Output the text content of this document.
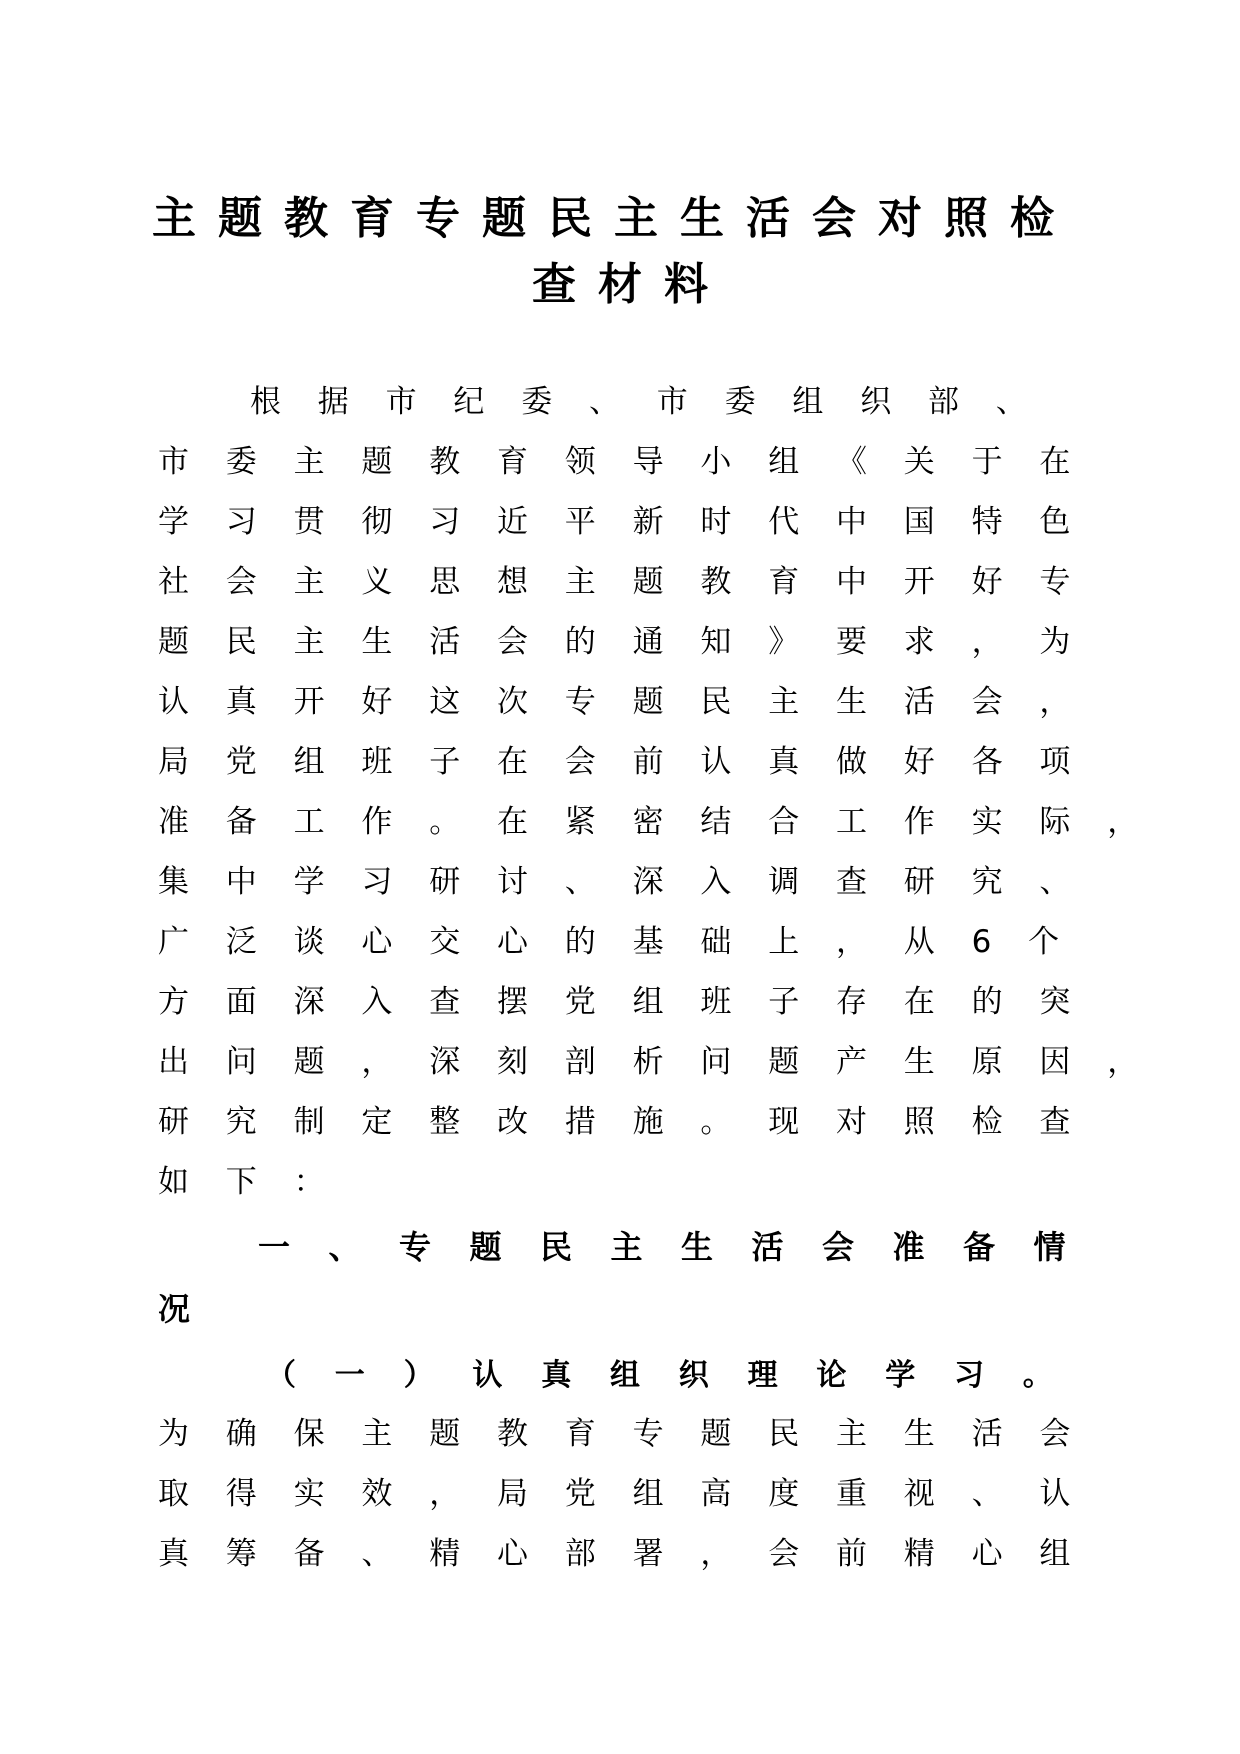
主题教育专题民主生活会对照检
查材料
根据市纪委、市委组织部、
市委主题教育领导小组《关于在
学习贯彻习近平新时代中国特色
社会主义思想主题教育中开好专
题民主生活会的通知》要求，为
认真开好这次专题民主生活会，
局党组班子在会前认真做好各项
准备工作。在紧密结合工作实际，
集中学习研讨、深入调查研究、
广泛谈心交心的基础上，从6个
方面深入查摆党组班子存在的突
出问题，深刻剖析问题产生原因，
研究制定整改措施。现对照检查
如下：
一、专题民主生活会准备情
况
（一）认真组织理论学习。
为确保主题教育专题民主生活会
取得实效，局党组高度重视、认
真筹备、精心部署，会前精心组
